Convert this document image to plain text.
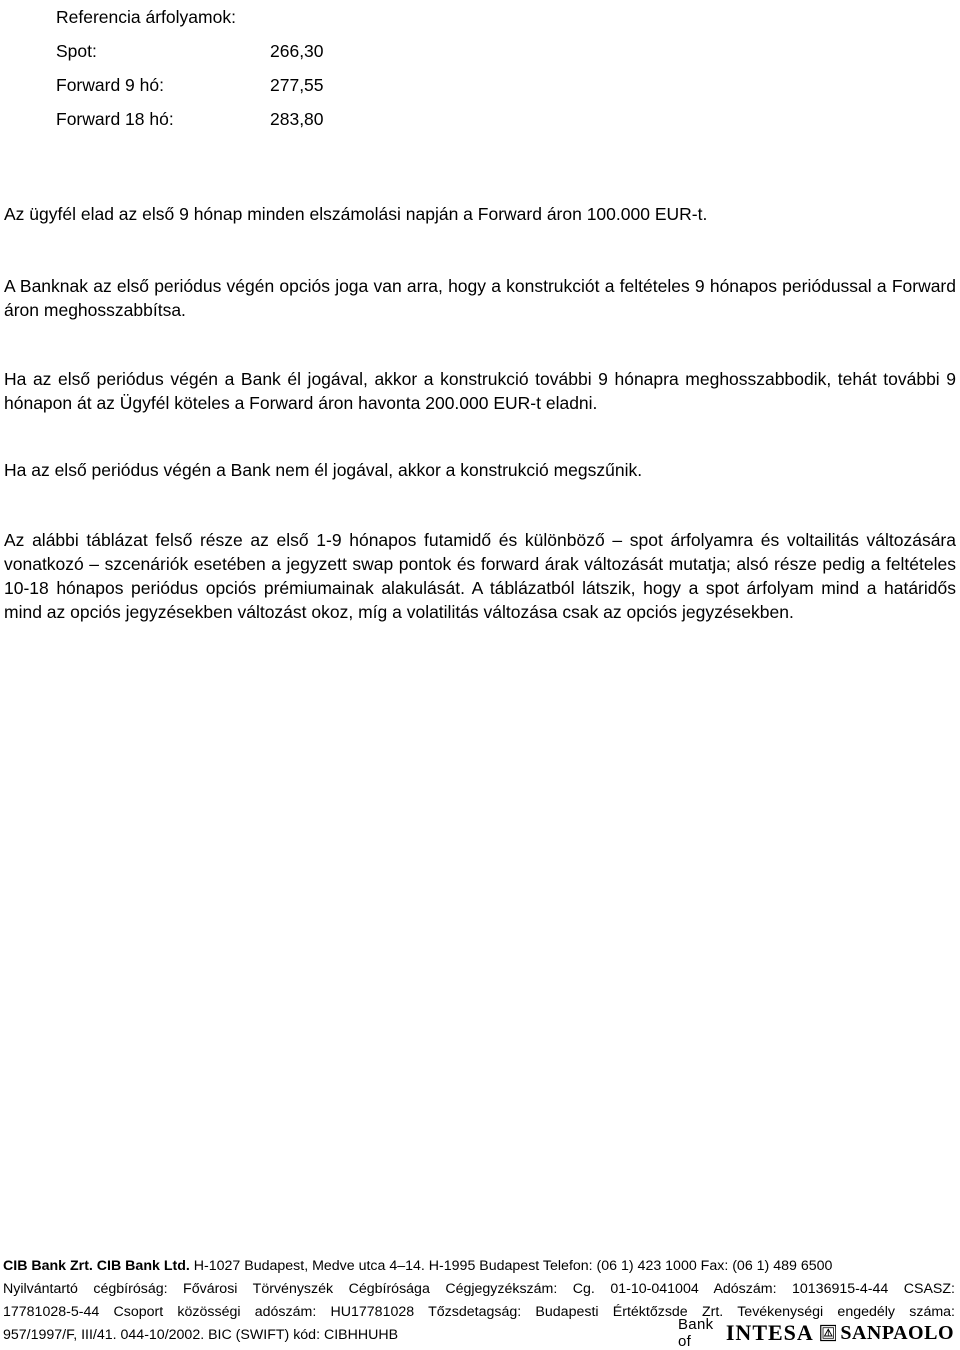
Referencia árfolyamok:
Spot:	266,30
Forward 9 hó:	277,55
Forward 18 hó:	283,80

Az ügyfél elad az első 9 hónap minden elszámolási napján a Forward áron 100.000 EUR-t.

A Banknak az első periódus végén opciós joga van arra, hogy a konstrukciót a feltételes 9 hónapos periódussal a Forward áron meghosszabbítsa.

Ha az első periódus végén a Bank él jogával, akkor a konstrukció további 9 hónapra meghosszabbodik, tehát további 9 hónapon át az Ügyfél köteles a Forward áron havonta 200.000 EUR-t eladni.

Ha az első periódus végén a Bank nem él jogával, akkor a konstrukció megszűnik.

Az alábbi táblázat felső része az első 1-9 hónapos futamidő és különböző – spot árfolyamra és voltailitás változására vonatkozó – szcenáriók esetében a jegyzett swap pontok és forward árak változását mutatja; alsó része pedig a feltételes 10-18 hónapos periódus opciós prémiumainak alakulását. A táblázatból látszik, hogy a spot árfolyam mind a határidős mind az opciós jegyzésekben változást okoz, míg a volatilitás változása csak az opciós jegyzésekben.

CIB Bank Zrt. CIB Bank Ltd. H-1027 Budapest, Medve utca 4–14. H-1995 Budapest Telefon: (06 1) 423 1000 Fax: (06 1) 489 6500
Nyilvántartó cégbíróság: Fővárosi Törvényszék Cégbírósága Cégjegyzékszám: Cg. 01-10-041004 Adószám: 10136915-4-44 CSASZ:
17781028-5-44 Csoport közösségi adószám: HU17781028 Tőzsdetagság: Budapesti Értéktőzsde Zrt. Tevékenységi engedély száma:
957/1997/F, III/41. 044-10/2002. BIC (SWIFT) kód: CIBHHUHB
Bank of	INTESA SANPAOLO
